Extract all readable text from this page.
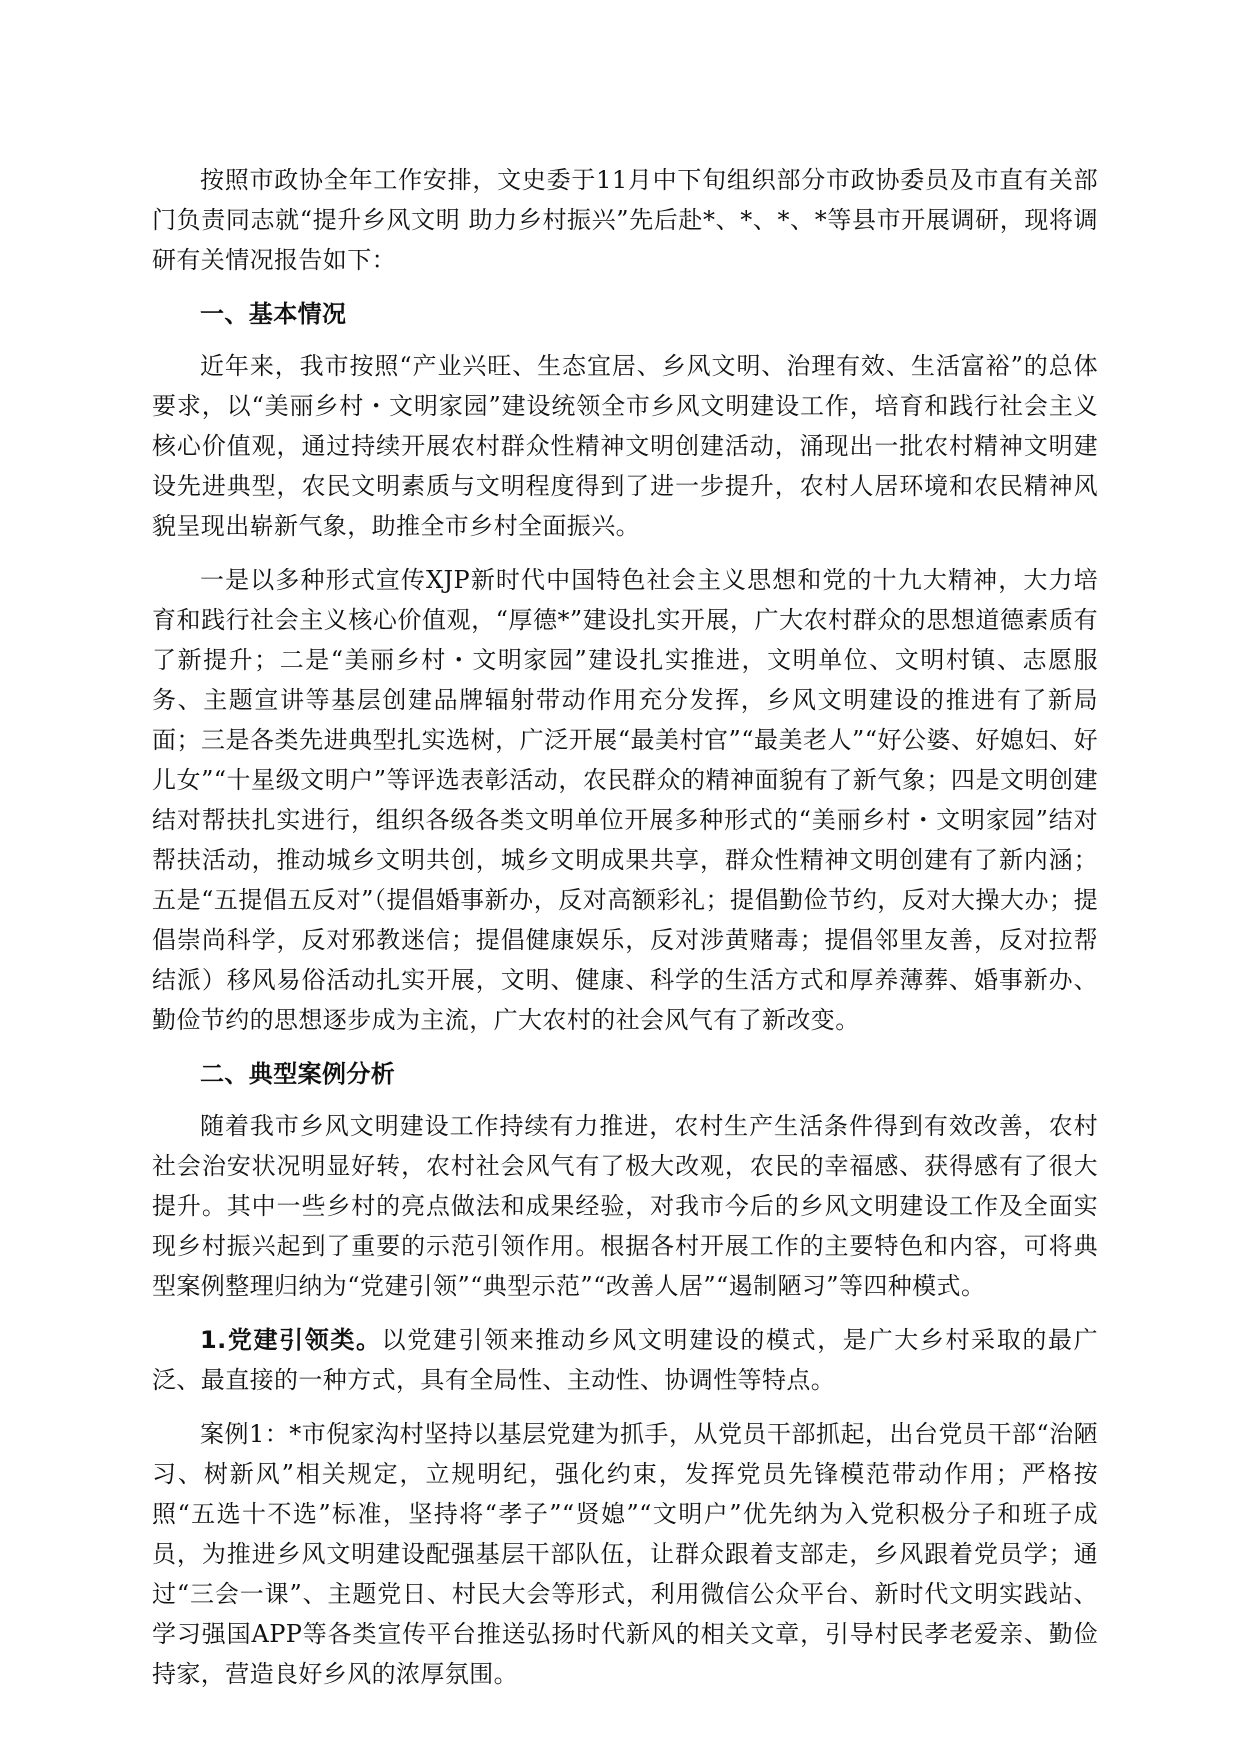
按照市政协全年工作安排，文史委于11月中下旬组织部分市政协委员及市直有关部门负责同志就“提升乡风文明 助力乡村振兴”先后赴*、*、*、*等县市开展调研，现将调研有关情况报告如下：

一、基本情况

近年来，我市按照“产业兴旺、生态宜居、乡风文明、治理有效、生活富裕”的总体要求，以“美丽乡村・文明家园”建设统领全市乡风文明建设工作，培育和践行社会主义核心价值观，通过持续开展农村群众性精神文明创建活动，涌现出一批农村精神文明建设先进典型，农民文明素质与文明程度得到了进一步提升，农村人居环境和农民精神风貌呈现出崭新气象，助推全市乡村全面振兴。

一是以多种形式宣传XJP新时代中国特色社会主义思想和党的十九大精神，大力培育和践行社会主义核心价值观，“厚德*”建设扎实开展，广大农村群众的思想道德素质有了新提升；二是“美丽乡村・文明家园”建设扎实推进，文明单位、文明村镇、志愿服务、主题宣讲等基层创建品牌辐射带动作用充分发挥，乡风文明建设的推进有了新局面；三是各类先进典型扎实选树，广泛开展“最美村官”“最美老人”“好公婆、好媳妇、好儿女”“十星级文明户”等评选表彰活动，农民群众的精神面貌有了新气象；四是文明创建结对帮扶扎实进行，组织各级各类文明单位开展多种形式的“美丽乡村・文明家园”结对帮扶活动，推动城乡文明共创，城乡文明成果共享，群众性精神文明创建有了新内涵；五是“五提倡五反对”（提倡婚事新办，反对高额彩礼；提倡勤俭节约，反对大操大办；提倡崇尚科学，反对邪教迷信；提倡健康娱乐，反对涉黄赌毒；提倡邻里友善，反对拉帮结派）移风易俗活动扎实开展，文明、健康、科学的生活方式和厚养薄葬、婚事新办、勤俭节约的思想逐步成为主流，广大农村的社会风气有了新改变。

二、典型案例分析

随着我市乡风文明建设工作持续有力推进，农村生产生活条件得到有效改善，农村社会治安状况明显好转，农村社会风气有了极大改观，农民的幸福感、获得感有了很大提升。其中一些乡村的亮点做法和成果经验，对我市今后的乡风文明建设工作及全面实现乡村振兴起到了重要的示范引领作用。根据各村开展工作的主要特色和内容，可将典型案例整理归纳为“党建引领”“典型示范”“改善人居”“遏制陋习”等四种模式。

1.党建引领类。以党建引领来推动乡风文明建设的模式，是广大乡村采取的最广泛、最直接的一种方式，具有全局性、主动性、协调性等特点。

案例1：*市倪家沟村坚持以基层党建为抓手，从党员干部抓起，出台党员干部“治陋习、树新风”相关规定，立规明纪，强化约束，发挥党员先锋模范带动作用；严格按照“五选十不选”标准，坚持将“孝子”“贤媳”“文明户”优先纳为入党积极分子和班子成员，为推进乡风文明建设配强基层干部队伍，让群众跟着支部走，乡风跟着党员学；通过“三会一课”、主题党日、村民大会等形式，利用微信公众平台、新时代文明实践站、学习强国APP等各类宣传平台推送弘扬时代新风的相关文章，引导村民孝老爱亲、勤俭持家，营造良好乡风的浓厚氛围。
